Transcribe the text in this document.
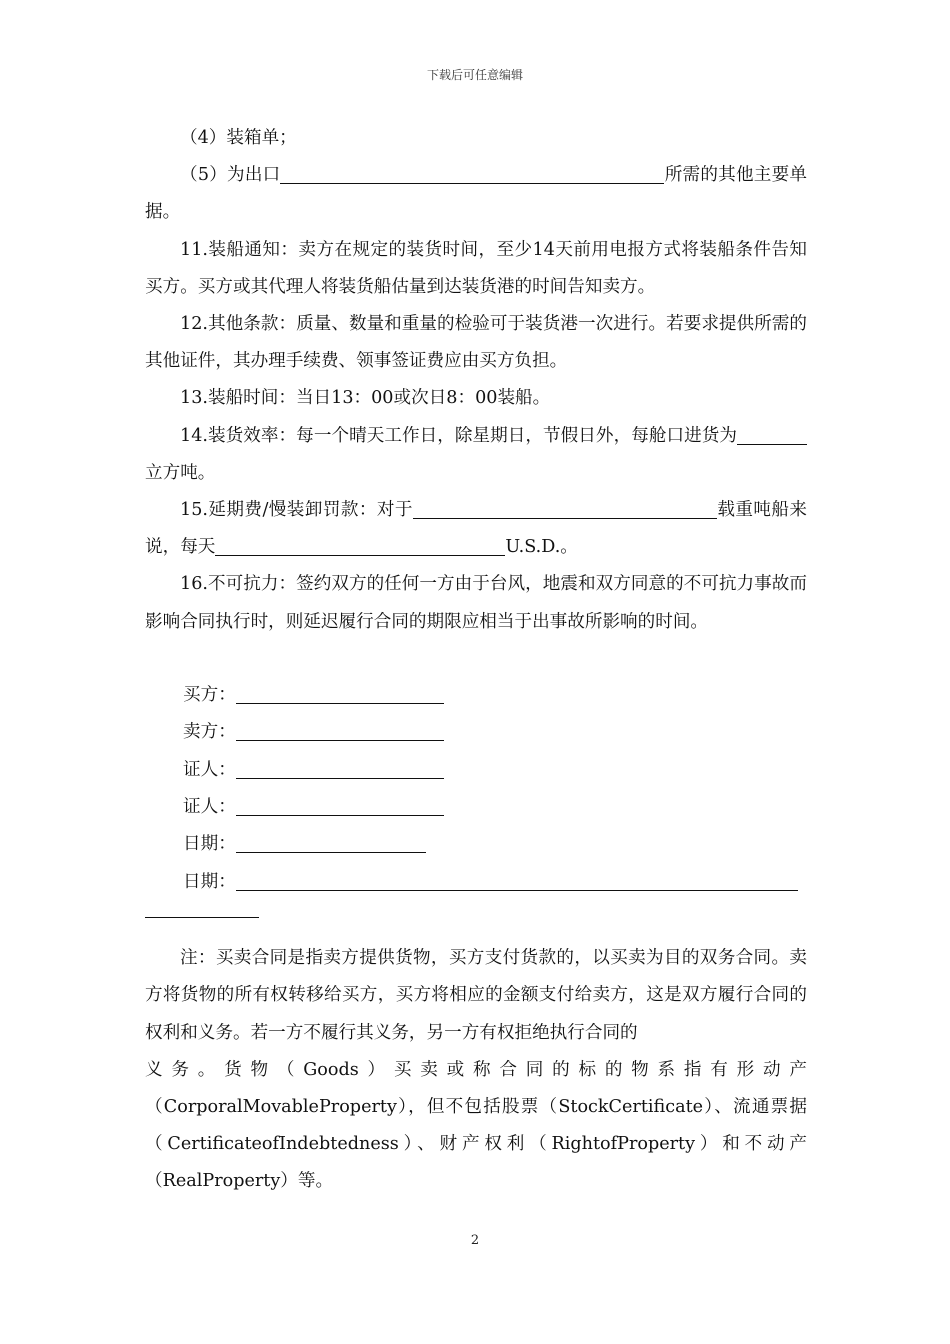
下载后可任意编辑

（4）装箱单；

（5）为出口	所需的其他主要单据。

11.装船通知：卖方在规定的装货时间，至少14天前用电报方式将装船条件告知买方。买方或其代理人将装货船估量到达装货港的时间告知卖方。

12.其他条款：质量、数量和重量的检验可于装货港一次进行。若要求提供所需的其他证件，其办理手续费、领事签证费应由买方负担。

13.装船时间：当日13：00或次日8：00装船。

14.装货效率：每一个晴天工作日，除星期日，节假日外，每舱口进货为立方吨。

15.延期费/慢装卸罚款：对于	载重吨船来说，每天	U.S.D.。

16.不可抗力：签约双方的任何一方由于台风，地震和双方同意的不可抗力事故而影响合同执行时，则延迟履行合同的期限应相当于出事故所影响的时间。

买方：
卖方：
证人：
证人：
日期：
日期：

注：买卖合同是指卖方提供货物，买方支付货款的，以买卖为目的双务合同。卖方将货物的所有权转移给买方，买方将相应的金额支付给卖方，这是双方履行合同的权利和义务。若一方不履行其义务，另一方有权拒绝执行合同的

义务。货物（Goods）买卖或称合同的标的物系指有形动产

（CorporalMovableProperty），但不包括股票（StockCertificate）、流通票据（CertificateofIndebtedness）、财产权利（RightofProperty）和不动产（RealProperty）等。

2
